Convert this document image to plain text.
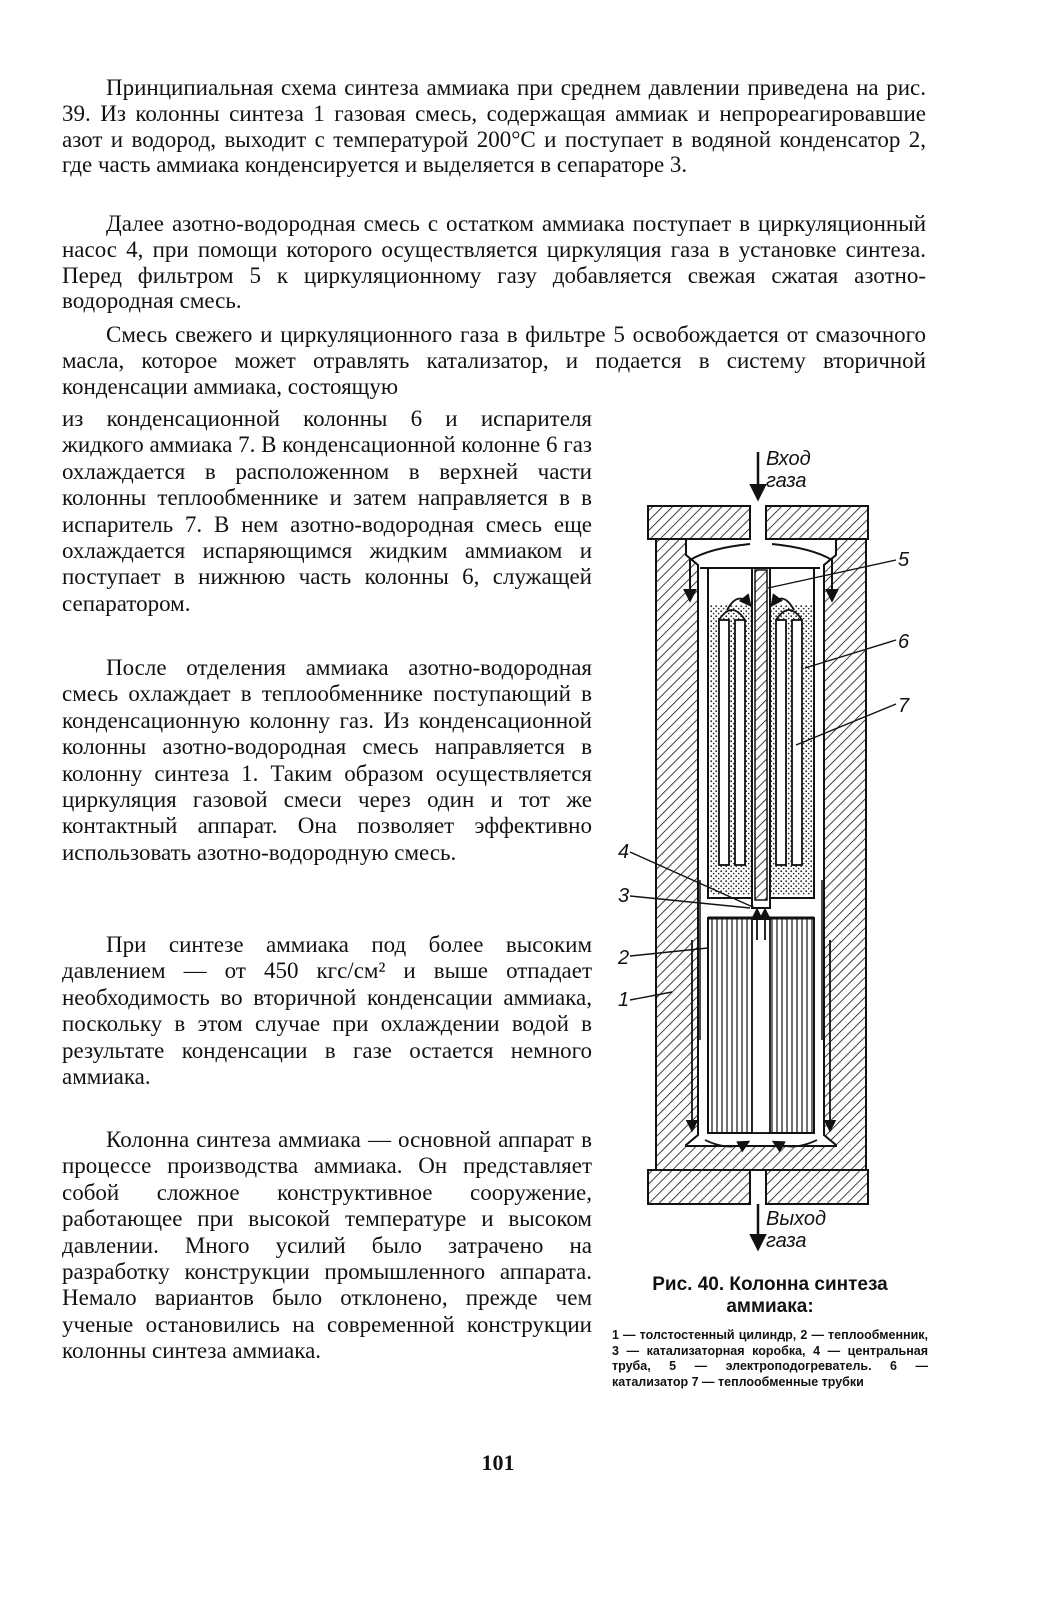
Принципиальная схема синтеза аммиака при среднем давлении приведена на рис. 39. Из колонны синтеза 1 газовая смесь, содержащая аммиак и непрореагировавшие азот и водород, выходит с температурой 200°С и поступает в водяной конденсатор 2, где часть аммиака конденсируется и выделяется в сепараторе 3.

Далее азотно-водородная смесь с остатком аммиака поступает в циркуляционный насос 4, при помощи которого осуществляется циркуляция газа в установке синтеза. Перед фильтром 5 к циркуляционному газу добавляется свежая сжатая азотно-водородная смесь.

Смесь свежего и циркуляционного газа в фильтре 5 освобождается от смазочного масла, которое может отравлять катализатор, и подается в систему вторичной конденсации аммиака, состоящую

из конденсационной колонны 6 и испарителя жидкого аммиака 7. В конденсационной колонне 6 газ охлаждается в расположенном в верхней части колонны теплообменнике и затем направляется в в испаритель 7. В нем азотно-водородная смесь еще охлаждается испаряющимся жидким аммиаком и поступает в нижнюю часть колонны 6, служащей сепаратором.

После отделения аммиака азотно-водородная смесь охлаждает в теплообменнике поступающий в конденсационную колонну газ. Из конденсационной колонны азотно-водородная смесь направляется в колонну синтеза 1. Таким образом осуществляется циркуляция газовой смеси через один и тот же контактный аппарат. Она позволяет эффективно использовать азотно-водородную смесь.

При синтезе аммиака под более высоким давлением — от 450 кгс/см² и выше отпадает необходимость во вторичной конденсации аммиака, поскольку в этом случае при охлаждении водой в результате конденсации в газе остается немного аммиака.

Колонна синтеза аммиака — основной аппарат в процессе производства аммиака. Он представляет собой сложное конструктивное сооружение, работающее при высокой температуре и высоком давлении. Много усилий было затрачено на разработку конструкции промышленного аппарата. Немало вариантов было отклонено, прежде чем ученые остановились на современной конструкции колонны синтеза аммиака.

Вход
газа
Выход
газа
5
6
7
4
3
2
1
Рис. 40. Колонна синтеза аммиака:
1 — толстостенный цилиндр, 2 — теплообменник, 3 — катализаторная коробка, 4 — центральная труба, 5 — электроподогреватель. 6 — катализатор 7 — теплообменные трубки
101
